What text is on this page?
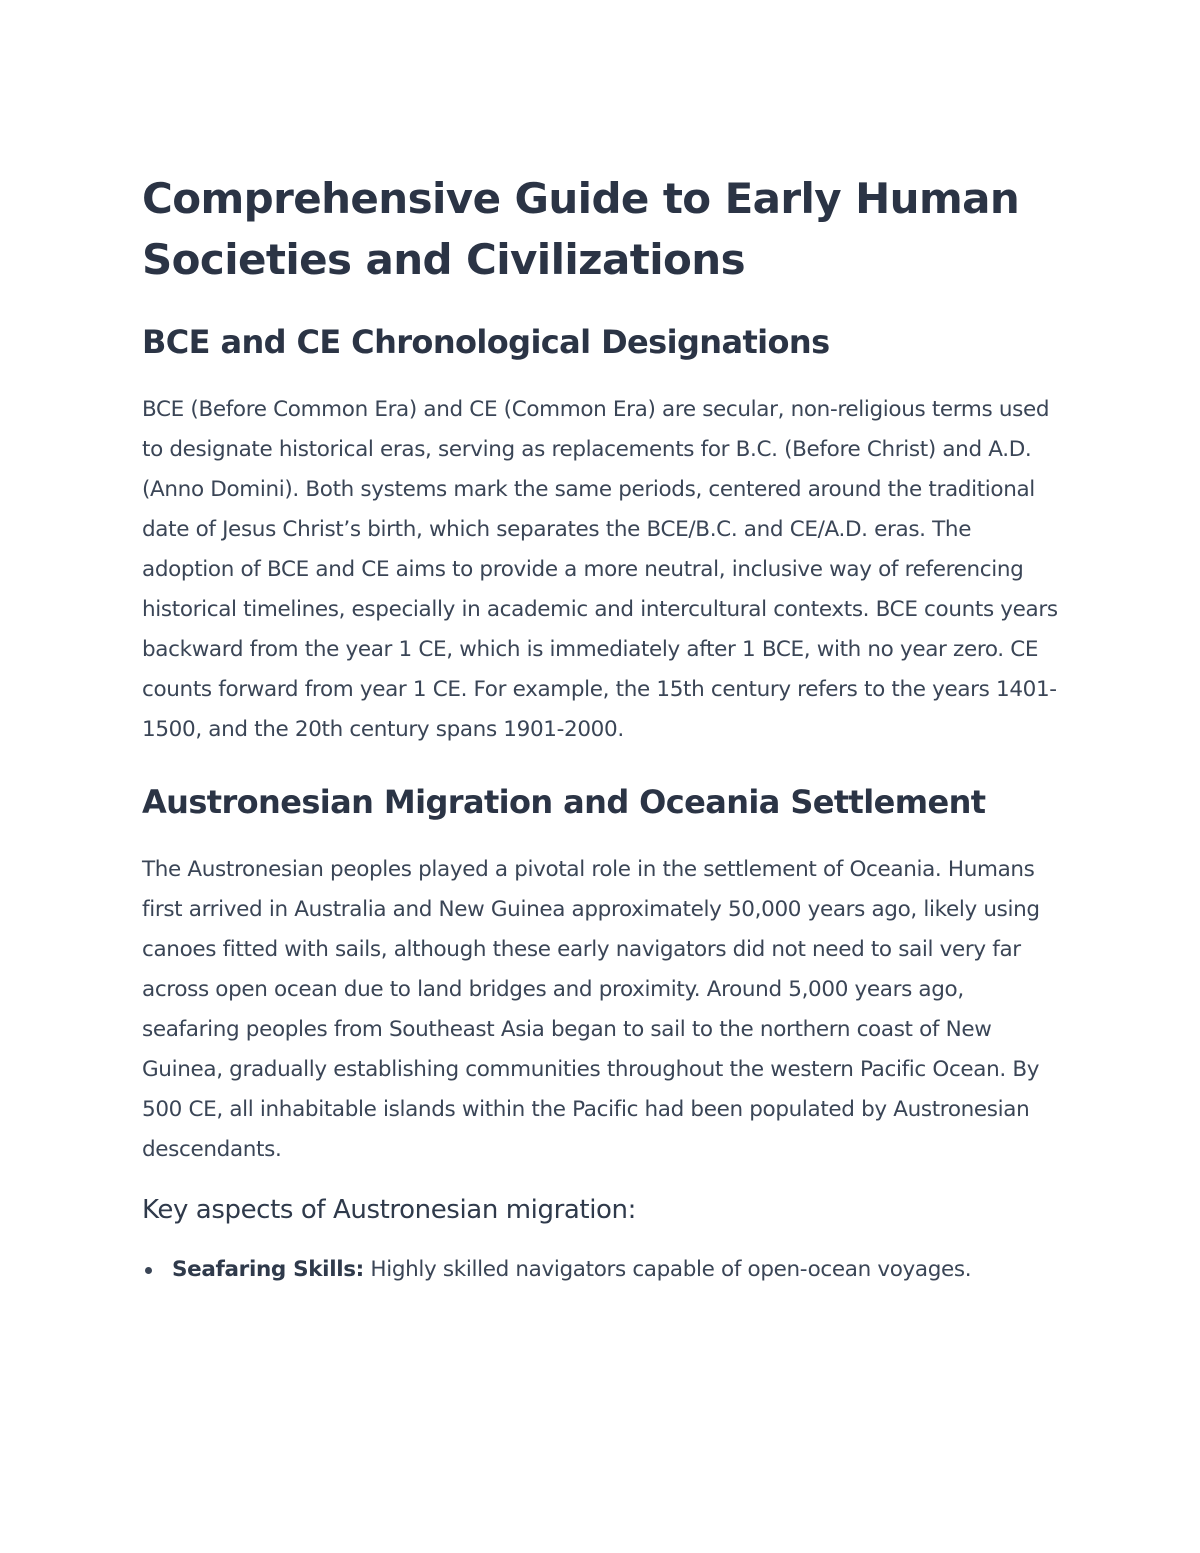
Comprehensive Guide to Early Human Societies and Civilizations
BCE and CE Chronological Designations

BCE (Before Common Era) and CE (Common Era) are secular, non-religious terms used to designate historical eras, serving as replacements for B.C. (Before Christ) and A.D. (Anno Domini). Both systems mark the same periods, centered around the traditional date of Jesus Christ’s birth, which separates the BCE/B.C. and CE/A.D. eras. The adoption of BCE and CE aims to provide a more neutral, inclusive way of referencing historical timelines, especially in academic and intercultural contexts. BCE counts years backward from the year 1 CE, which is immediately after 1 BCE, with no year zero. CE counts forward from year 1 CE. For example, the 15th century refers to the years 1401-1500, and the 20th century spans 1901-2000.

Austronesian Migration and Oceania Settlement

The Austronesian peoples played a pivotal role in the settlement of Oceania. Humans first arrived in Australia and New Guinea approximately 50,000 years ago, likely using canoes fitted with sails, although these early navigators did not need to sail very far across open ocean due to land bridges and proximity. Around 5,000 years ago, seafaring peoples from Southeast Asia began to sail to the northern coast of New Guinea, gradually establishing communities throughout the western Pacific Ocean. By 500 CE, all inhabitable islands within the Pacific had been populated by Austronesian descendants.

Key aspects of Austronesian migration:
Seafaring Skills: Highly skilled navigators capable of open-ocean voyages.
